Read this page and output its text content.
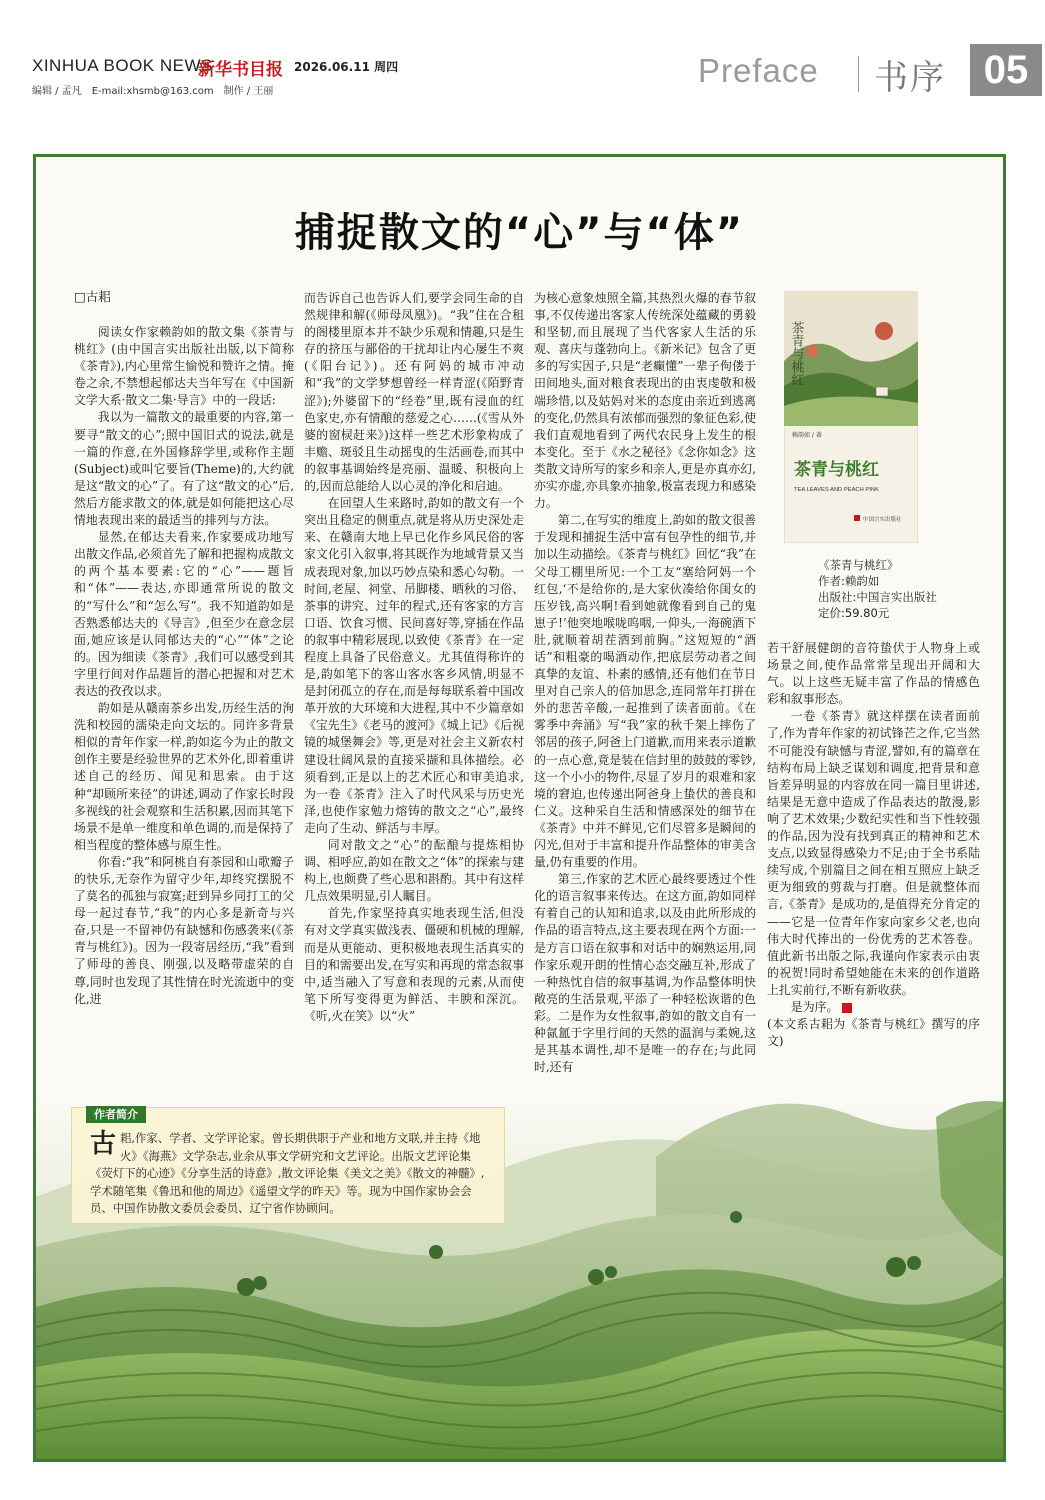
XINHUA BOOK NEWS
新华书目报 2026.06.11 周四
编辑 / 孟凡　E-mail:xhsmb@163.com　制作 / 王丽
Preface 书序 05
捕捉散文的“心”与“体”
□古耜

阅读女作家赖韵如的散文集《茶青与桃红》(由中国言实出版社出版,以下简称《茶青》),内心里常生愉悦和赞许之情。掩卷之余,不禁想起郁达夫当年写在《中国新文学大系·散文二集·导言》中的一段话:

我以为一篇散文的最重要的内容,第一要寻“散文的心”;照中国旧式的说法,就是一篇的作意,在外国修辞学里,或称作主题(Subject)或叫它要旨(Theme)的,大约就是这“散文的心”了。有了这“散文的心”后,然后方能求散文的体,就是如何能把这心尽情地表现出来的最适当的排列与方法。

显然,在郁达夫看来,作家要成功地写出散文作品,必须首先了解和把握构成散文的两个基本要素:它的“心”——题旨和“体”——表达,亦即通常所说的散文的“写什么”和“怎么写”。我不知道韵如是否熟悉郁达夫的《导言》,但至少在意念层面,她应该是认同郁达夫的“心”“体”之论的。因为细读《茶青》,我们可以感受到其字里行间对作品题旨的潜心把握和对艺术表达的孜孜以求。

韵如是从赣南茶乡出发,历经生活的洵洗和校园的濡染走向文坛的。同许多背景相似的青年作家一样,韵如迄今为止的散文创作主要是经验世界的艺术外化,即着重讲述自己的经历、闻见和思索。由于这种“却顾所来径”的讲述,调动了作家长时段多视线的社会观察和生活积累,因而其笔下场景不是单一维度和单色调的,而是保持了相当程度的整体感与原生性。

你看:“我”和阿桃自有茶园和山歌瓣子的快乐,无奈作为留守少年,却终究摆脱不了莫名的孤独与寂寞;赶到异乡同打工的父母一起过春节,“我”的内心多是新奇与兴奋,只是一不留神仍有缺憾和伤感袭来(《茶青与桃红》)。因为一段寄居经历,“我”看到了师母的善良、刚强,以及略带虚荣的自尊,同时也发现了其性情在时光流逝中的变化,进

而告诉自己也告诉人们,要学会同生命的自然规律和解(《师母凤凰》)。“我”住在合租的阁楼里原本并不缺少乐观和情趣,只是生存的挤压与鄙俗的干扰却让内心屡生不爽(《阳台记》)。还有阿妈的城市冲动和“我”的文学梦想曾经一样青涩(《陌野青涩》);外婆留下的“经卷”里,既有浸血的红色家史,亦有情酿的慈爱之心……(《雪从外婆的窗棂赶来》)这样一些艺术形象构成了丰赡、斑驳且生动摇曳的生活画卷,而其中的叙事基调始终是亮丽、温暖、积极向上的,因而总能给人以心灵的净化和启迪。

在回望人生来路时,韵如的散文有一个突出且稳定的侧重点,就是将从历史深处走来、在赣南大地上早已化作乡风民俗的客家文化引入叙事,将其既作为地域背景又当成表现对象,加以巧妙点染和悉心勾勒。一时间,老屋、祠堂、吊脚楼、晒秋的习俗、茶事的讲究、过年的程式,还有客家的方言口语、饮食习惯、民间喜好等,穿插在作品的叙事中精彩展现,以致使《茶青》在一定程度上具备了民俗意义。尤其值得称许的是,韵如笔下的客山客水客乡风情,明显不是封闭孤立的存在,而是每每联系着中国改革开放的大环境和大进程,其中不少篇章如《宝先生》《老马的渡河》《城上记》《后视镜的城堡舞会》等,更是对社会主义新农村建设壮阔风景的直接采撷和具体描绘。必须看到,正是以上的艺术匠心和审美追求,为一卷《茶青》注入了时代风采与历史光泽,也使作家勉力熔铸的散文之“心”,最终走向了生动、鲜活与丰厚。

同对散文之“心”的酝酿与提炼相协调、相呼应,韵如在散文之“体”的探索与建构上,也颇费了些心思和斟酌。其中有这样几点效果明显,引人瞩目。

首先,作家坚持真实地表现生活,但没有对文学真实做浅表、僵硬和机械的理解,而是从更能动、更积极地表现生活真实的目的和需要出发,在写实和再现的常态叙事中,适当融入了写意和表现的元素,从而使笔下所写变得更为鲜活、丰腴和深沉。《听,火在笑》以“火”

为核心意象烛照全篇,其热烈火爆的春节叙事,不仅传递出客家人传统深处蕴藏的勇毅和坚韧,而且展现了当代客家人生活的乐观、喜庆与蓬勃向上。《新米记》包含了更多的写实因子,只是“老癫懂”一辈子佝偻于田间地头,面对粮食表现出的由衷虔敬和极端珍惜,以及姑妈对米的态度由亲近到逃离的变化,仍然具有浓郁而强烈的象征色彩,使我们直观地看到了两代农民身上发生的根本变化。至于《水之秘径》《念你如念》这类散文诗所写的家乡和亲人,更是亦真亦幻,亦实亦虚,亦具象亦抽象,极富表现力和感染力。

第二,在写实的维度上,韵如的散文很善于发现和捕捉生活中富有包孕性的细节,并加以生动描绘。《茶青与桃红》回忆“我”在父母工棚里所见:一个工友“塞给阿妈一个红包,‘不是给你的,是大家伙凑给你闺女的压岁钱,高兴啊!看到她就像看到自己的鬼崽子!’他突地喉咙呜咽,一仰头,一海碗酒下肚,就顺着胡茬洒到前胸。”这短短的“酒话”和粗豪的喝酒动作,把底层劳动者之间真挚的友谊、朴素的感情,还有他们在节日里对自己亲人的倍加思念,连同常年打拼在外的悲苦辛酸,一起推到了读者面前。《在雾季中奔涌》写“我”家的秋千架上摔伤了邻居的孩子,阿爸上门道歉,而用来表示道歉的一点心意,竟是装在信封里的鼓鼓的零钞,这一个小小的物件,尽显了岁月的艰难和家境的窘迫,也传递出阿爸身上蛰伏的善良和仁义。这种采自生活和情感深处的细节在《茶青》中并不鲜见,它们尽管多是瞬间的闪光,但对于丰富和提升作品整体的审美含量,仍有重要的作用。

第三,作家的艺术匠心最终要透过个性化的语言叙事来传达。在这方面,韵如同样有着自己的认知和追求,以及由此所形成的作品的语言特点,这主要表现在两个方面:一是方言口语在叙事和对话中的娴熟运用,同作家乐观开朗的性情心态交融互补,形成了一种热忱自信的叙事基调,为作品整体明快敞亮的生活景观,平添了一种轻松诙谐的色彩。二是作为女性叙事,韵如的散文自有一种氤氲于字里行间的天然的温润与柔婉,这是其基本调性,却不是唯一的存在;与此同时,还有

茶青与桃红
赖韵如 / 著
茶青与桃红
TEA LEAVES AND PEACH PINK
中国言实出版社
《茶青与桃红》
作者:赖韵如
出版社:中国言实出版社
定价:59.80元

若干舒展健朗的音符蛰伏于人物身上或场景之间,使作品常常呈现出开阔和大气。以上这些无疑丰富了作品的情感色彩和叙事形态。

一卷《茶青》就这样摆在读者面前了,作为青年作家的初试锋芒之作,它当然不可能没有缺憾与青涩,譬如,有的篇章在结构布局上缺乏谋划和调度,把背景和意旨差异明显的内容放在同一篇目里讲述,结果是无意中造成了作品表达的散漫,影响了艺术效果;少数纪实性和当下性较强的作品,因为没有找到真正的精神和艺术支点,以致显得感染力不足;由于全书系陆续写成,个别篇目之间在相互照应上缺乏更为细致的剪裁与打磨。但是就整体而言,《茶青》是成功的,是值得充分肯定的——它是一位青年作家向家乡父老,也向伟大时代捧出的一份优秀的艺术答卷。值此新书出版之际,我谨向作家表示由衷的祝贺!同时希望她能在未来的创作道路上扎实前行,不断有新收获。

是为序。

(本文系古耜为《茶青与桃红》撰写的序文)

作者简介
古 耜,作家、学者、文学评论家。曾长期供职于产业和地方文联,并主持《地火》《海燕》文学杂志,业余从事文学研究和文艺评论。出版文艺评论集《荧灯下的心迹》《分享生活的诗意》,散文评论集《美文之美》《散文的神髓》,学术随笔集《鲁迅和他的周边》《遥望文学的昨天》等。现为中国作家协会会员、中国作协散文委员会委员、辽宁省作协顾问。
